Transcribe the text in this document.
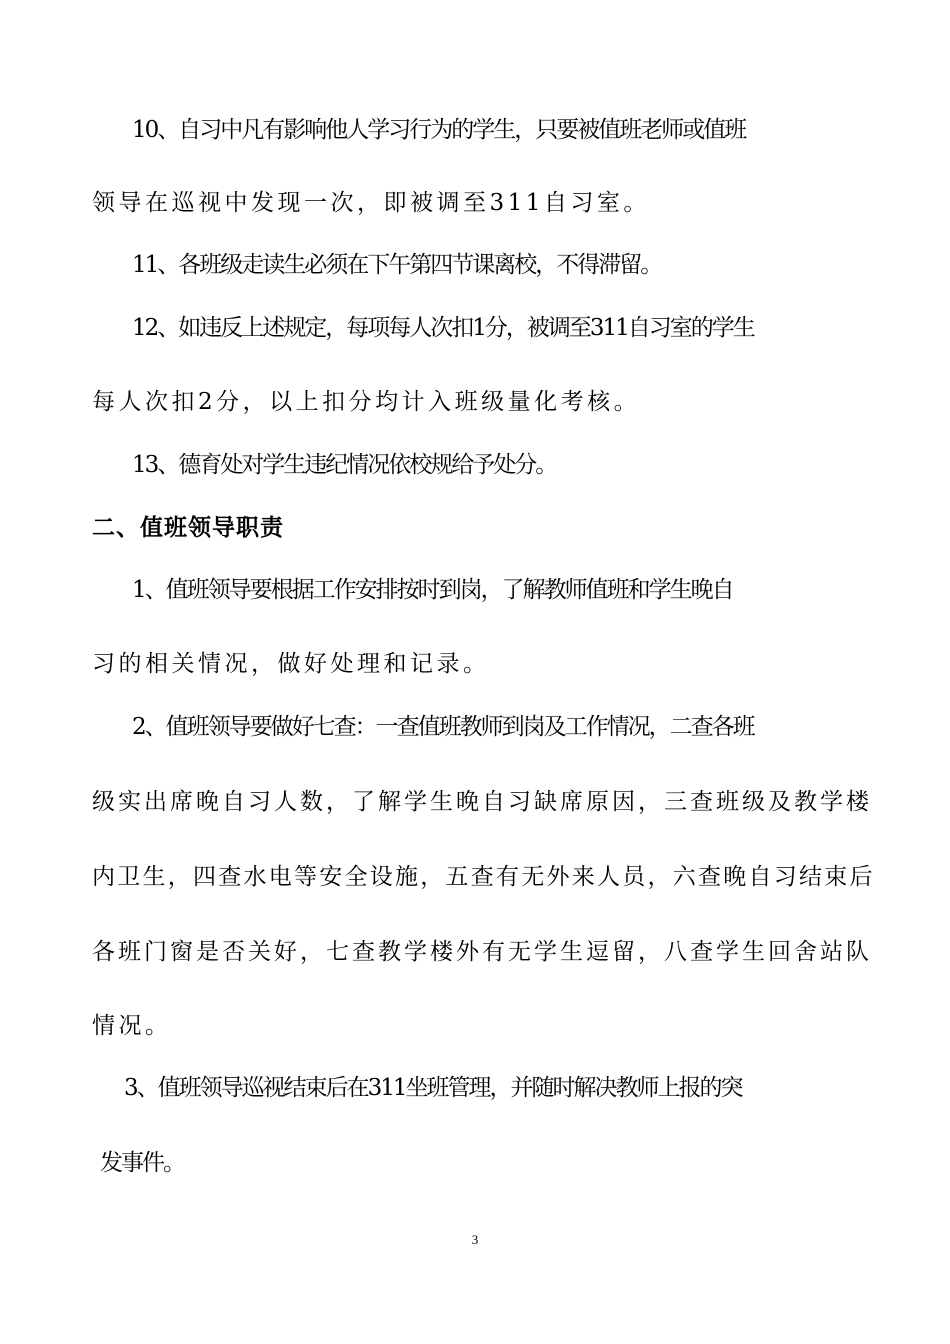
10、自习中凡有影响他人学习行为的学生，只要被值班老师或值班
领导在巡视中发现一次，即被调至311自习室。
11、各班级走读生必须在下午第四节课离校，不得滞留。
12、如违反上述规定，每项每人次扣1分，被调至311自习室的学生
每人次扣2分，以上扣分均计入班级量化考核。
13、德育处对学生违纪情况依校规给予处分。
二、值班领导职责
1、值班领导要根据工作安排按时到岗，了解教师值班和学生晚自
习的相关情况，做好处理和记录。
2、值班领导要做好七查：一查值班教师到岗及工作情况，二查各班
级实出席晚自习人数，了解学生晚自习缺席原因，三查班级及教学楼
内卫生，四查水电等安全设施，五查有无外来人员，六查晚自习结束后
各班门窗是否关好，七查教学楼外有无学生逗留，八查学生回舍站队
情况。
3、值班领导巡视结束后在311坐班管理，并随时解决教师上报的突
发事件。
3
